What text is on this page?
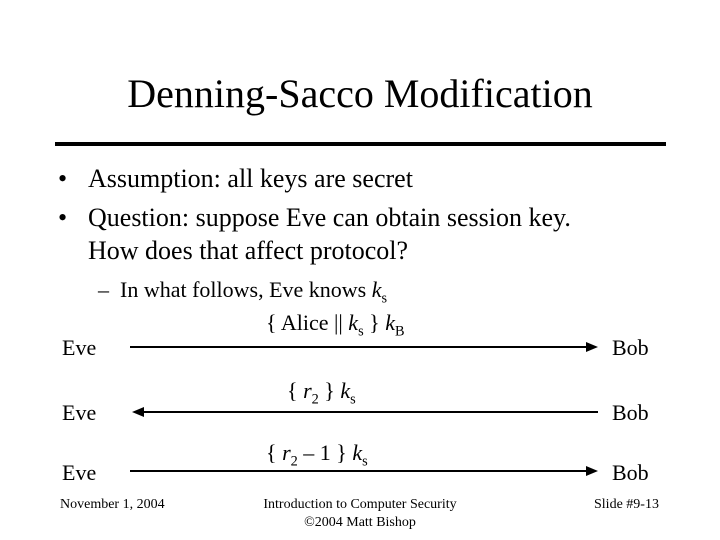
Denning-Sacco Modification
• Assumption: all keys are secret
• Question: suppose Eve can obtain session key.
How does that affect protocol?
– In what follows, Eve knows $k_s$
{ Alice || $k_s$ } $k_B$
Eve	Bob
{ $r_2$ } $k_s$
Eve	Bob
{ $r_2 - 1$ } $k_s$
Eve	Bob
November 1, 2004	Introduction to Computer Security
©2004 Matt Bishop
Slide #9-13
